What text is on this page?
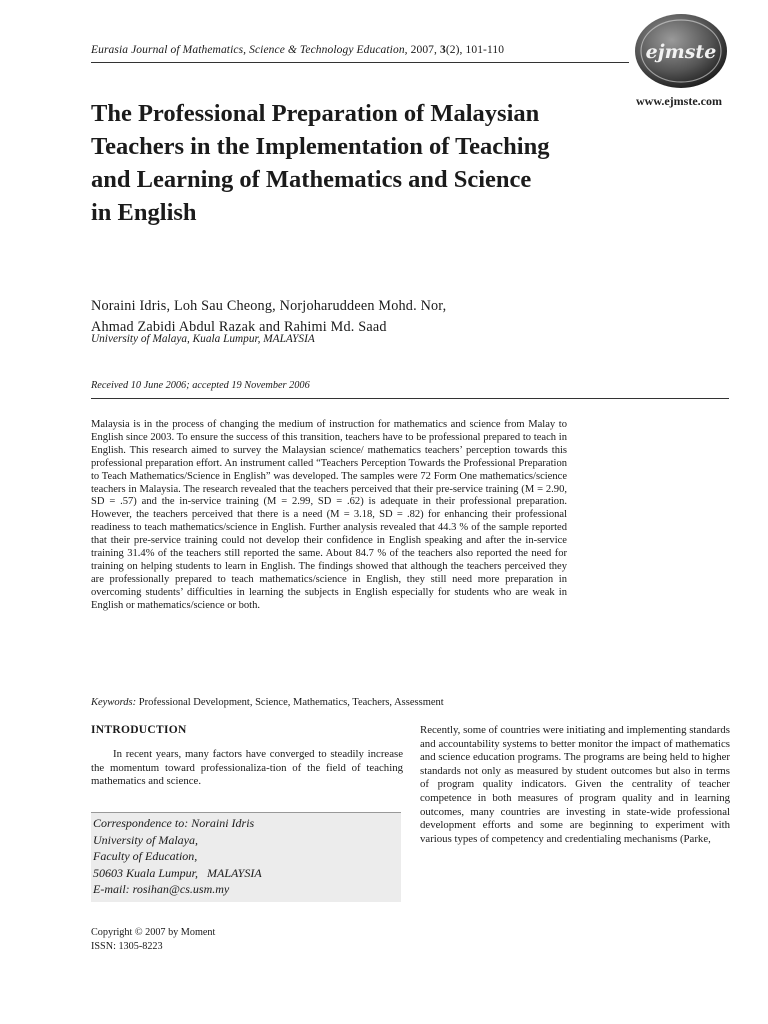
Eurasia Journal of Mathematics, Science & Technology Education, 2007, 3(2), 101-110	ejmste
www.ejmste.com
The Professional Preparation of Malaysian Teachers in the Implementation of Teaching and Learning of Mathematics and Science in English
Noraini Idris, Loh Sau Cheong, Norjoharuddeen Mohd. Nor,
Ahmad Zabidi Abdul Razak and Rahimi Md. Saad
University of Malaya, Kuala Lumpur, MALAYSIA
Received 10 June 2006; accepted 19 November 2006

Malaysia is in the process of changing the medium of instruction for mathematics and science from Malay to English since 2003. To ensure the success of this transition, teachers have to be professional prepared to teach in English. This research aimed to survey the Malaysian science/ mathematics teachers’ perception towards this professional preparation effort. An instrument called “Teachers Perception Towards the Professional Preparation to Teach Mathematics/Science in English” was developed. The samples were 72 Form One mathematics/science teachers in Malaysia. The research revealed that the teachers perceived that their pre-service training (M = 2.90, SD = .57) and the in-service training (M = 2.99, SD = .62) is adequate in their professional preparation. However, the teachers perceived that there is a need (M = 3.18, SD = .82) for enhancing their professional readiness to teach mathematics/science in English. Further analysis revealed that 44.3 % of the sample reported that their pre-service training could not develop their confidence in English speaking and after the in-service training 31.4% of the teachers still reported the same. About 84.7 % of the teachers also reported the need for training on helping students to learn in English. The findings showed that although the teachers perceived they are professionally prepared to teach mathematics/science in English, they still need more preparation in overcoming students’ difficulties in learning the subjects in English especially for students who are weak in English or mathematics/science or both.

Keywords: Professional Development, Science, Mathematics, Teachers, Assessment
INTRODUCTION

In recent years, many factors have converged to steadily increase the momentum toward professionaliza-tion of the field of teaching mathematics and science.

Correspondence to: Noraini Idris
University of Malaya,
Faculty of Education,
50603 Kuala Lumpur,   MALAYSIA
E-mail: rosihan@cs.usm.my

Recently, some of countries were initiating and implementing standards and accountability systems to better monitor the impact of mathematics and science education programs. The programs are being held to higher standards not only as measured by student outcomes but also in terms of program quality indicators. Given the centrality of teacher competence in both measures of program quality and in learning outcomes, many countries are investing in state-wide professional development efforts and some are beginning to experiment with various types of competency and credentialing mechanisms (Parke,

Copyright © 2007 by Moment
ISSN: 1305-8223
